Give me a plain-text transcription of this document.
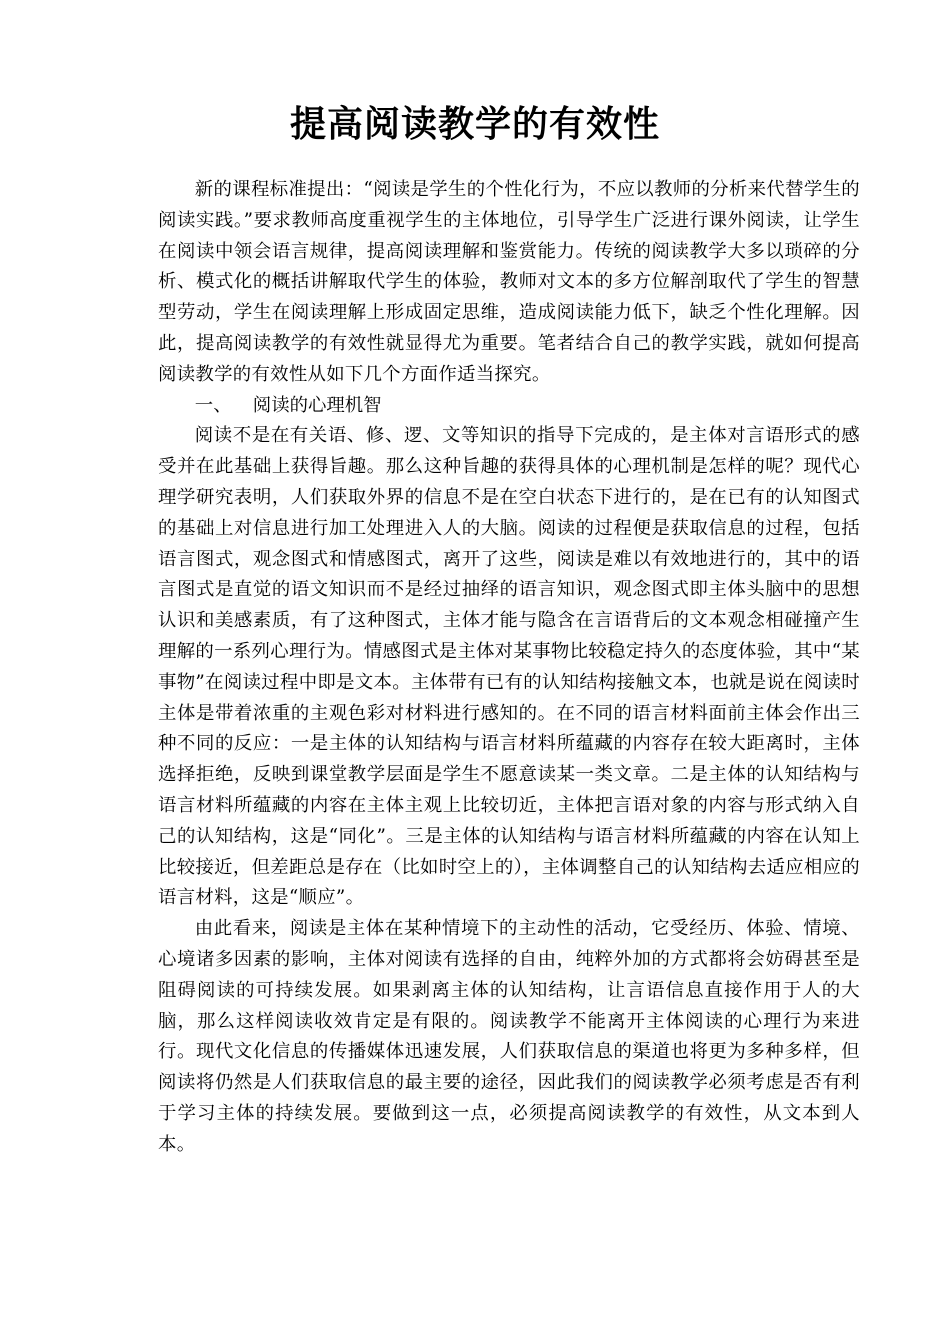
提高阅读教学的有效性

新的课程标准提出：“阅读是学生的个性化行为，不应以教师的分析来代替学生的阅读实践。”要求教师高度重视学生的主体地位，引导学生广泛进行课外阅读，让学生在阅读中领会语言规律，提高阅读理解和鉴赏能力。传统的阅读教学大多以琐碎的分析、模式化的概括讲解取代学生的体验，教师对文本的多方位解剖取代了学生的智慧型劳动，学生在阅读理解上形成固定思维，造成阅读能力低下，缺乏个性化理解。因此，提高阅读教学的有效性就显得尤为重要。笔者结合自己的教学实践，就如何提高阅读教学的有效性从如下几个方面作适当探究。

一、 阅读的心理机智

阅读不是在有关语、修、逻、文等知识的指导下完成的，是主体对言语形式的感受并在此基础上获得旨趣。那么这种旨趣的获得具体的心理机制是怎样的呢？现代心理学研究表明，人们获取外界的信息不是在空白状态下进行的，是在已有的认知图式的基础上对信息进行加工处理进入人的大脑。阅读的过程便是获取信息的过程，包括语言图式，观念图式和情感图式，离开了这些，阅读是难以有效地进行的，其中的语言图式是直觉的语文知识而不是经过抽绎的语言知识，观念图式即主体头脑中的思想认识和美感素质，有了这种图式，主体才能与隐含在言语背后的文本观念相碰撞产生理解的一系列心理行为。情感图式是主体对某事物比较稳定持久的态度体验，其中“某事物”在阅读过程中即是文本。主体带有已有的认知结构接触文本，也就是说在阅读时主体是带着浓重的主观色彩对材料进行感知的。在不同的语言材料面前主体会作出三种不同的反应：一是主体的认知结构与语言材料所蕴藏的内容存在较大距离时，主体选择拒绝，反映到课堂教学层面是学生不愿意读某一类文章。二是主体的认知结构与语言材料所蕴藏的内容在主体主观上比较切近，主体把言语对象的内容与形式纳入自己的认知结构，这是“同化”。三是主体的认知结构与语言材料所蕴藏的内容在认知上比较接近，但差距总是存在（比如时空上的），主体调整自己的认知结构去适应相应的语言材料，这是“顺应”。

由此看来，阅读是主体在某种情境下的主动性的活动，它受经历、体验、情境、心境诸多因素的影响，主体对阅读有选择的自由，纯粹外加的方式都将会妨碍甚至是阻碍阅读的可持续发展。如果剥离主体的认知结构，让言语信息直接作用于人的大脑，那么这样阅读收效肯定是有限的。阅读教学不能离开主体阅读的心理行为来进行。现代文化信息的传播媒体迅速发展，人们获取信息的渠道也将更为多种多样，但阅读将仍然是人们获取信息的最主要的途径，因此我们的阅读教学必须考虑是否有利于学习主体的持续发展。要做到这一点，必须提高阅读教学的有效性，从文本到人本。
